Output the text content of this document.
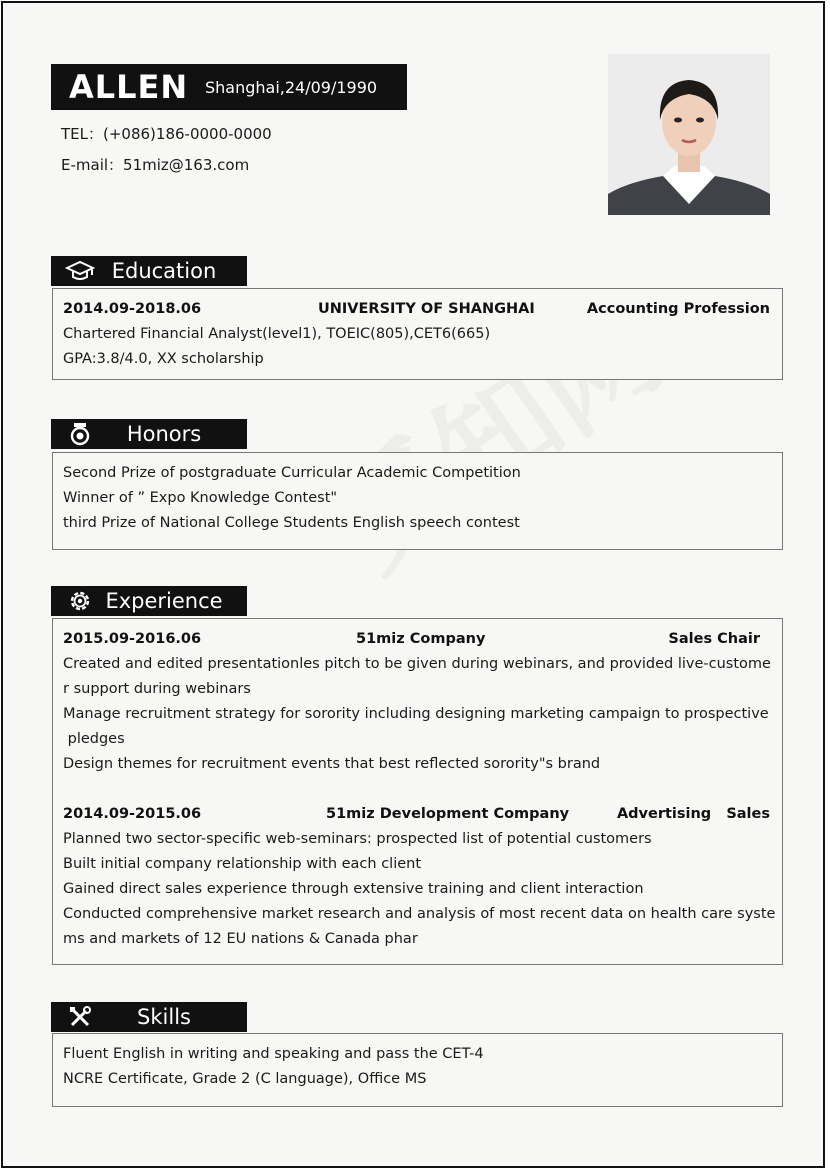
ALLEN	Shanghai,24/09/1990
TEL：(+086)186-0000-0000
E-mail：51miz@163.com
Education
2014.09-2018.06	UNIVERSITY OF SHANGHAI	Accounting Profession
Chartered Financial Analyst(level1), TOEIC(805),CET6(665)
GPA:3.8/4.0, XX scholarship
Honors
Second Prize of postgraduate Curricular Academic Competition
Winner of ” Expo Knowledge Contest"
third Prize of National College Students English speech contest
Experience
2015.09-2016.06	51miz Company	Sales Chair
Created and edited presentationles pitch to be given during webinars, and provided live-custome
r support during webinars
Manage recruitment strategy for sorority including designing marketing campaign to prospective
pledges
Design themes for recruitment events that best reflected sorority"s brand
2014.09-2015.06	51miz Development Company	Advertising   Sales
Planned two sector-specific web-seminars: prospected list of potential customers
Built initial company relationship with each client
Gained direct sales experience through extensive training and client interaction
Conducted comprehensive market research and analysis of most recent data on health care syste
ms and markets of 12 EU nations & Canada phar
Skills
Fluent English in writing and speaking and pass the CET-4
NCRE Certificate, Grade 2 (C language), Office MS
